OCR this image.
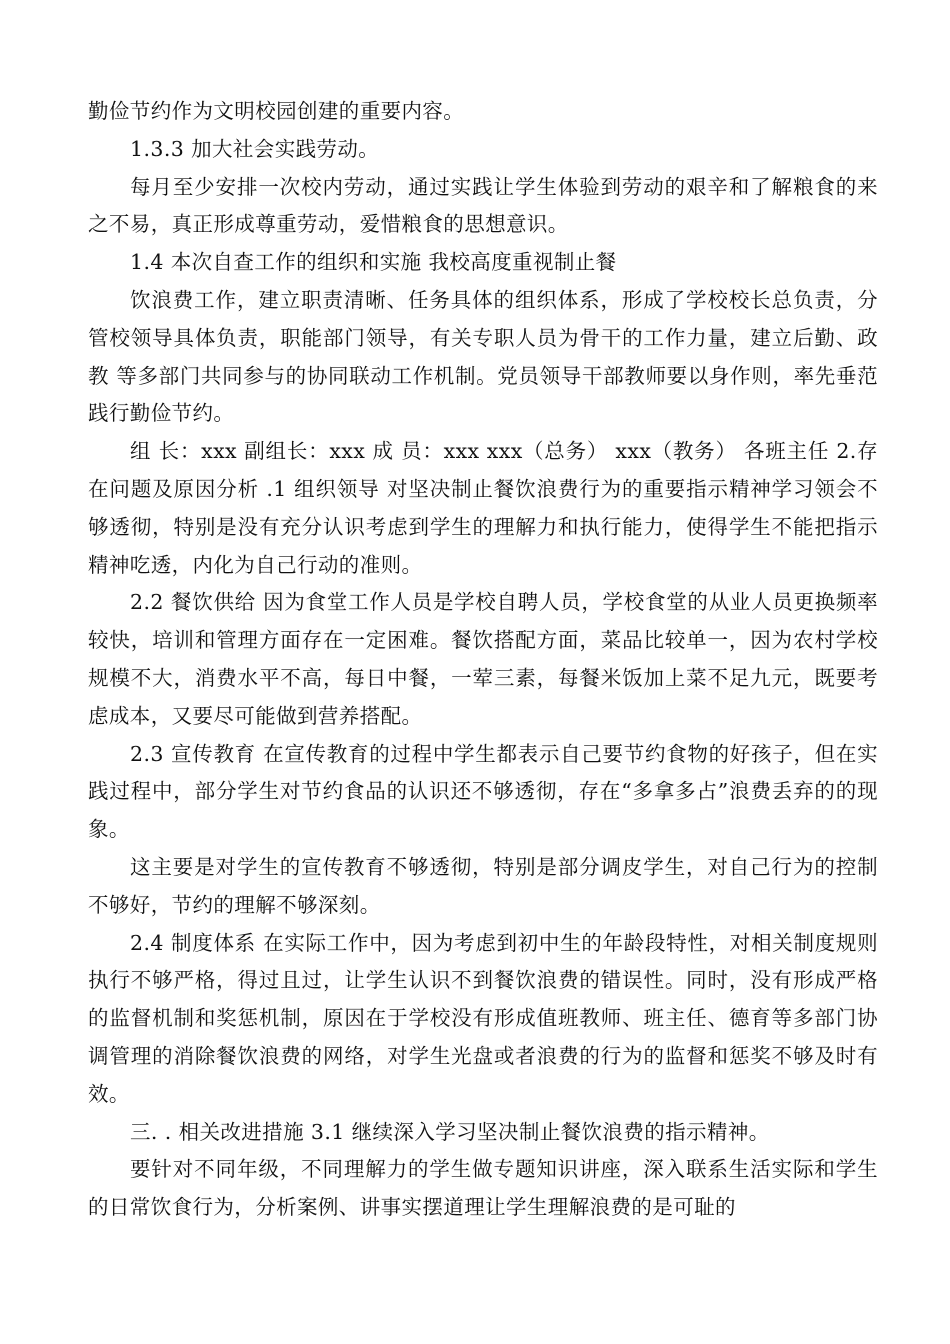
勤俭节约作为文明校园创建的重要内容。

1.3.3 加大社会实践劳动。

每月至少安排一次校内劳动，通过实践让学生体验到劳动的艰辛和了解粮食的来之不易，真正形成尊重劳动，爱惜粮食的思想意识。

1.4 本次自查工作的组织和实施 我校高度重视制止餐

饮浪费工作，建立职责清晰、任务具体的组织体系，形成了学校校长总负责，分管校领导具体负责，职能部门领导，有关专职人员为骨干的工作力量，建立后勤、政教 等多部门共同参与的协同联动工作机制。党员领导干部教师要以身作则，率先垂范践行勤俭节约。

组 长：xxx 副组长：xxx 成 员：xxx xxx（总务） xxx（教务） 各班主任 2.存在问题及原因分析 .1 组织领导 对坚决制止餐饮浪费行为的重要指示精神学习领会不够透彻，特别是没有充分认识考虑到学生的理解力和执行能力，使得学生不能把指示精神吃透，内化为自己行动的准则。

2.2 餐饮供给 因为食堂工作人员是学校自聘人员，学校食堂的从业人员更换频率较快，培训和管理方面存在一定困难。餐饮搭配方面，菜品比较单一，因为农村学校规模不大，消费水平不高，每日中餐，一荤三素，每餐米饭加上菜不足九元，既要考虑成本，又要尽可能做到营养搭配。

2.3 宣传教育 在宣传教育的过程中学生都表示自己要节约食物的好孩子，但在实践过程中，部分学生对节约食品的认识还不够透彻，存在“多拿多占”浪费丢弃的的现象。

这主要是对学生的宣传教育不够透彻，特别是部分调皮学生，对自己行为的控制不够好，节约的理解不够深刻。

2.4 制度体系 在实际工作中，因为考虑到初中生的年龄段特性，对相关制度规则执行不够严格，得过且过，让学生认识不到餐饮浪费的错误性。同时，没有形成严格的监督机制和奖惩机制，原因在于学校没有形成值班教师、班主任、德育等多部门协调管理的消除餐饮浪费的网络，对学生光盘或者浪费的行为的监督和惩奖不够及时有效。

三. . 相关改进措施 3.1 继续深入学习坚决制止餐饮浪费的指示精神。

要针对不同年级，不同理解力的学生做专题知识讲座，深入联系生活实际和学生 的日常饮食行为，分析案例、讲事实摆道理让学生理解浪费的是可耻的
